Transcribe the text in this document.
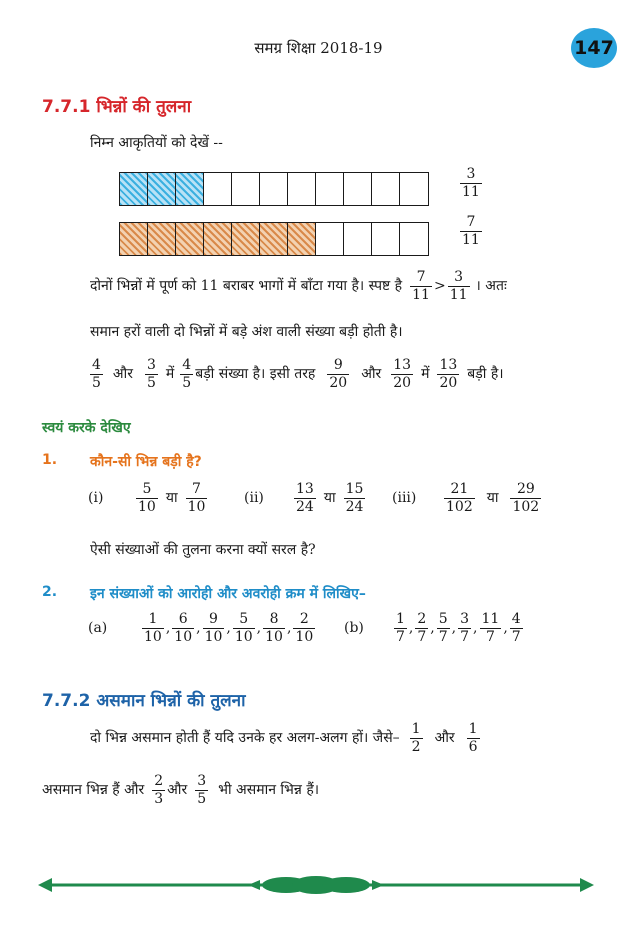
समग्र शिक्षा 2018-19	147
7.7.1 भिन्नों की तुलना
निम्न आकृतियों को देखें --
$\frac{3}{11}$
$\frac{7}{11}$
दोनों भिन्नों में पूर्ण को 11 बराबर भागों में बाँटा गया है। स्पष्ट है $\frac{7}{11} > \frac{3}{11}$ । अतः
समान हरों वाली दो भिन्नों में बड़े अंश वाली संख्या बड़ी होती है।
$\frac{4}{5}$ और $\frac{3}{5}$ में $\frac{4}{5}$ बड़ी संख्या है। इसी तरह $\frac{9}{20}$ और $\frac{13}{20}$ में $\frac{13}{20}$ बड़ी है।
स्वयं करके देखिए
1. कौन-सी भिन्न बड़ी है?
(i)	$\frac{5}{10}$ या $\frac{7}{10}$	(ii)	$\frac{13}{24}$ या $\frac{15}{24} (iii)$	$\frac{21}{102}$ या $\frac{29}{102}$
ऐसी संख्याओं की तुलना करना क्यों सरल है?
2. इन संख्याओं को आरोही और अवरोही क्रम में लिखिए–
(a)	$\frac{1}{10}$ , $\frac{6}{10}$ , $\frac{9}{10}$ , $\frac{5}{10}$ , $\frac{8}{10}$ , $\frac{2}{10} (b)$	$\frac{1}{7}$ , $\frac{2}{7}$ , $\frac{5}{7}$ , $\frac{3}{7}$ , $\frac{11}{7}$ , $\frac{4}{7}$
7.7.2 असमान भिन्नों की तुलना
दो भिन्न असमान होती हैं यदि उनके हर अलग-अलग हों। जैसे– $\frac{1}{2}$ और $\frac{1}{6}$
असमान भिन्न हैं और $\frac{2}{3}$ और $\frac{3}{5}$ भी असमान भिन्न हैं।
